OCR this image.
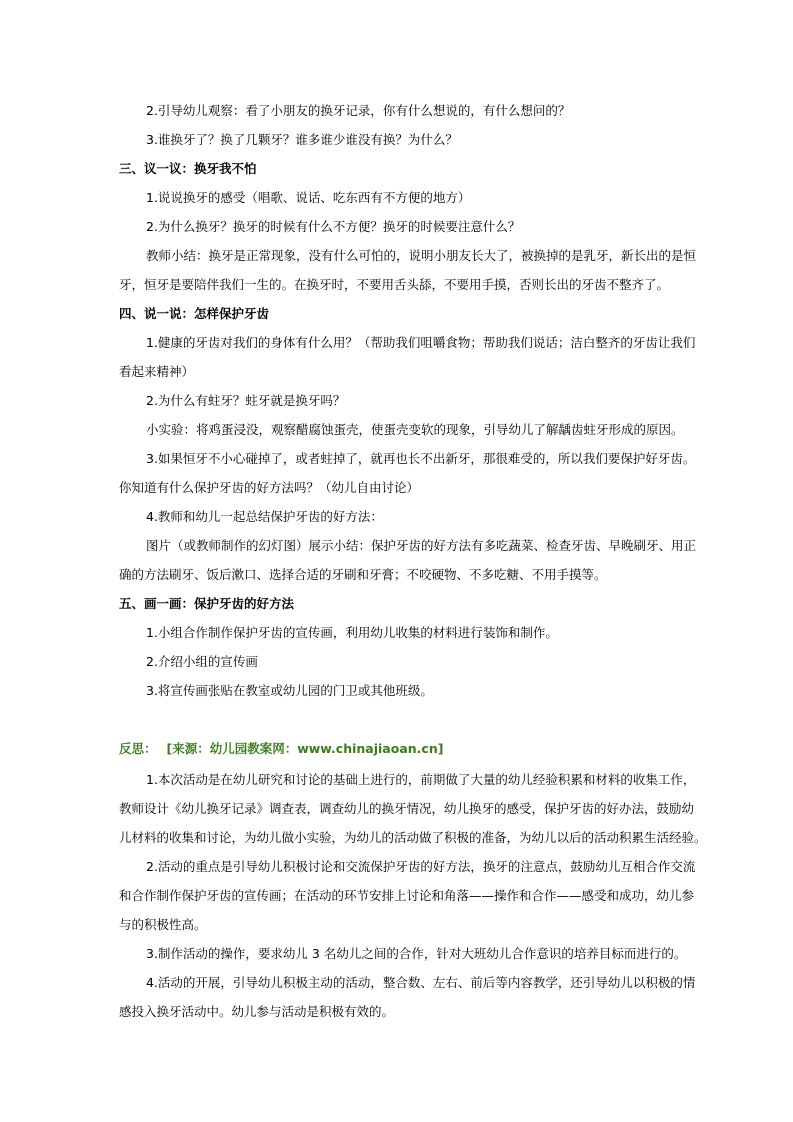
2.引导幼儿观察：看了小朋友的换牙记录，你有什么想说的，有什么想问的？
3.谁换牙了？换了几颗牙？谁多谁少谁没有换？为什么？
三、议一议：换牙我不怕
1.说说换牙的感受（唱歌、说话、吃东西有不方便的地方）
2.为什么换牙？换牙的时候有什么不方便？换牙的时候要注意什么？
教师小结：换牙是正常现象，没有什么可怕的，说明小朋友长大了，被换掉的是乳牙，新长出的是恒
牙，恒牙是要陪伴我们一生的。在换牙时，不要用舌头舔，不要用手摸，否则长出的牙齿不整齐了。
四、说一说：怎样保护牙齿
1.健康的牙齿对我们的身体有什么用？（帮助我们咀嚼食物；帮助我们说话；洁白整齐的牙齿让我们
看起来精神）
2.为什么有蛀牙？蛀牙就是换牙吗？
小实验：将鸡蛋浸没，观察醋腐蚀蛋壳，使蛋壳变软的现象，引导幼儿了解龋齿蛀牙形成的原因。
3.如果恒牙不小心碰掉了，或者蛀掉了，就再也长不出新牙，那很难受的，所以我们要保护好牙齿。
你知道有什么保护牙齿的好方法吗？（幼儿自由讨论）
4.教师和幼儿一起总结保护牙齿的好方法：
图片（或教师制作的幻灯图）展示小结：保护牙齿的好方法有多吃蔬菜、检查牙齿、早晚刷牙、用正
确的方法刷牙、饭后漱口、选择合适的牙刷和牙膏；不咬硬物、不多吃糖、不用手摸等。
五、画一画：保护牙齿的好方法
1.小组合作制作保护牙齿的宣传画，利用幼儿收集的材料进行装饰和制作。
2.介绍小组的宣传画
3.将宣传画张贴在教室或幼儿园的门卫或其他班级。
反思： [来源：幼儿园教案网：www.chinajiaoan.cn]
1.本次活动是在幼儿研究和讨论的基础上进行的，前期做了大量的幼儿经验积累和材料的收集工作，
教师设计《幼儿换牙记录》调查表，调查幼儿的换牙情况，幼儿换牙的感受，保护牙齿的好办法，鼓励幼
儿材料的收集和讨论，为幼儿做小实验，为幼儿的活动做了积极的准备，为幼儿以后的活动积累生活经验。
2.活动的重点是引导幼儿积极讨论和交流保护牙齿的好方法，换牙的注意点，鼓励幼儿互相合作交流
和合作制作保护牙齿的宣传画；在活动的环节安排上讨论和角落——操作和合作——感受和成功，幼儿参
与的积极性高。
3.制作活动的操作，要求幼儿 3 名幼儿之间的合作，针对大班幼儿合作意识的培养目标而进行的。
4.活动的开展，引导幼儿积极主动的活动，整合数、左右、前后等内容教学，还引导幼儿以积极的情
感投入换牙活动中。幼儿参与活动是积极有效的。
